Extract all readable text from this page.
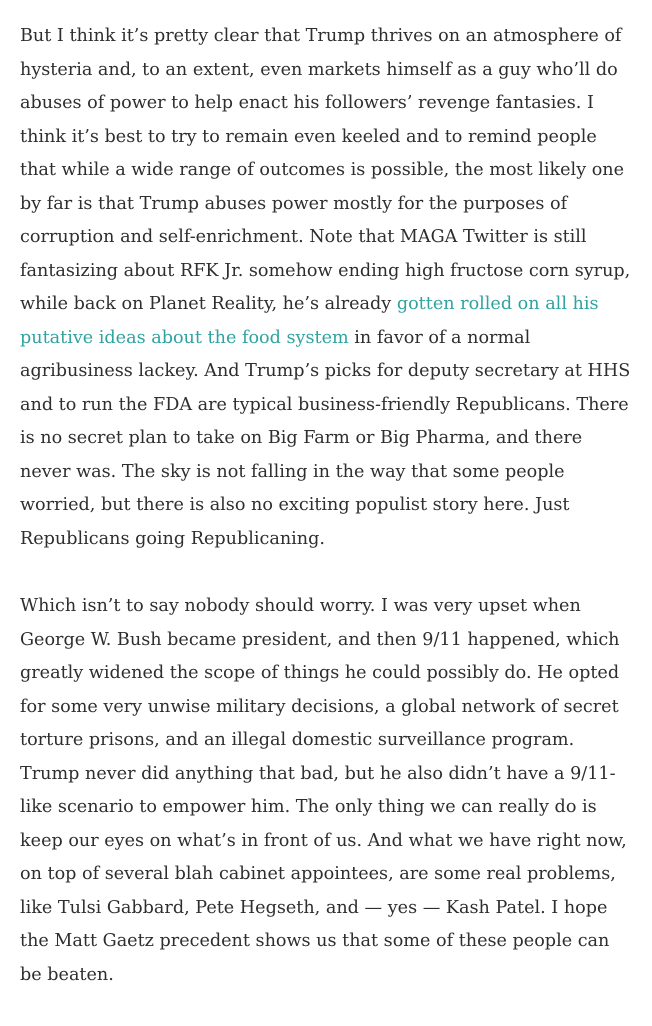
But I think it’s pretty clear that Trump thrives on an atmosphere of hysteria and, to an extent, even markets himself as a guy who’ll do abuses of power to help enact his followers’ revenge fantasies. I think it’s best to try to remain even keeled and to remind people that while a wide range of outcomes is possible, the most likely one by far is that Trump abuses power mostly for the purposes of corruption and self-enrichment. Note that MAGA Twitter is still fantasizing about RFK Jr. somehow ending high fructose corn syrup, while back on Planet Reality, he’s already gotten rolled on all his putative ideas about the food system in favor of a normal agribusiness lackey. And Trump’s picks for deputy secretary at HHS and to run the FDA are typical business-friendly Republicans. There is no secret plan to take on Big Farm or Big Pharma, and there never was. The sky is not falling in the way that some people worried, but there is also no exciting populist story here. Just Republicans going Republicaning.

Which isn’t to say nobody should worry. I was very upset when George W. Bush became president, and then 9/11 happened, which greatly widened the scope of things he could possibly do. He opted for some very unwise military decisions, a global network of secret torture prisons, and an illegal domestic surveillance program. Trump never did anything that bad, but he also didn’t have a 9/11-like scenario to empower him. The only thing we can really do is keep our eyes on what’s in front of us. And what we have right now, on top of several blah cabinet appointees, are some real problems, like Tulsi Gabbard, Pete Hegseth, and — yes — Kash Patel. I hope the Matt Gaetz precedent shows us that some of these people can be beaten.
